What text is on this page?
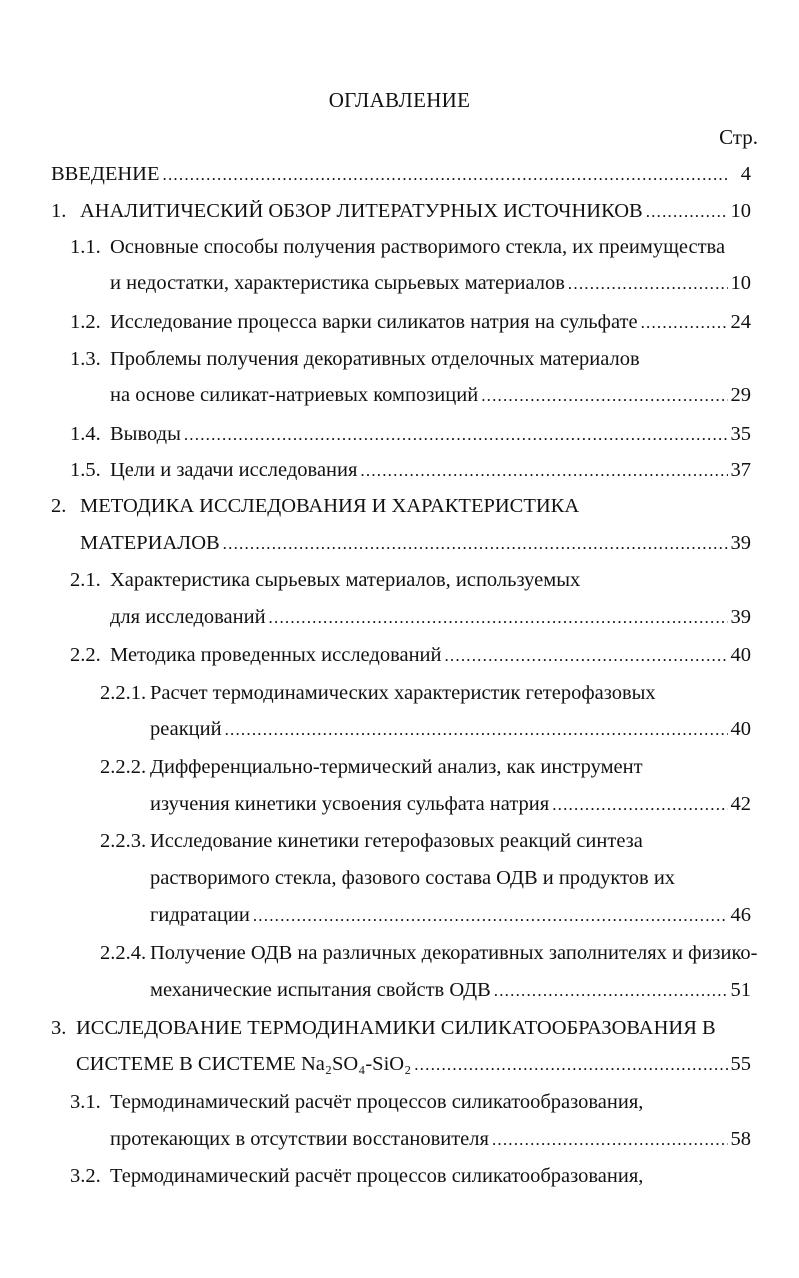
ОГЛАВЛЕНИЕ
Стр.
ВВЕДЕНИЕ .....	4
1. АНАЛИТИЧЕСКИЙ ОБЗОР ЛИТЕРАТУРНЫХ ИСТОЧНИКОВ .....	10
1.1. Основные способы получения растворимого стекла, их преимущества
и недостатки, характеристика сырьевых материалов .....	10
1.2. Исследование процесса варки силикатов натрия на сульфате .....	24
1.3. Проблемы получения декоративных отделочных материалов
на основе силикат-натриевых композиций .....	29
1.4. Выводы .....	35
1.5. Цели и задачи исследования .....	37
2. МЕТОДИКА ИССЛЕДОВАНИЯ И ХАРАКТЕРИСТИКА
МАТЕРИАЛОВ .....	39
2.1. Характеристика сырьевых материалов, используемых
для исследований .....	39
2.2. Методика проведенных исследований .....	40
2.2.1. Расчет термодинамических характеристик гетерофазовых
реакций .....	40
2.2.2. Дифференциально-термический анализ, как инструмент
изучения кинетики усвоения сульфата натрия .....	42
2.2.3. Исследование кинетики гетерофазовых реакций синтеза
растворимого стекла, фазового состава ОДВ и продуктов их
гидратации .....	46
2.2.4. Получение ОДВ на различных декоративных заполнителях и физико-
механические испытания свойств ОДВ .....	51
3. ИССЛЕДОВАНИЕ ТЕРМОДИНАМИКИ СИЛИКАТООБРАЗОВАНИЯ В
СИСТЕМЕ В СИСТЕМЕ Na₂SO₄-SiO₂ .....	55
3.1. Термодинамический расчёт процессов силикатообразования,
протекающих в отсутствии восстановителя .....	58
3.2. Термодинамический расчёт процессов силикатообразования,
